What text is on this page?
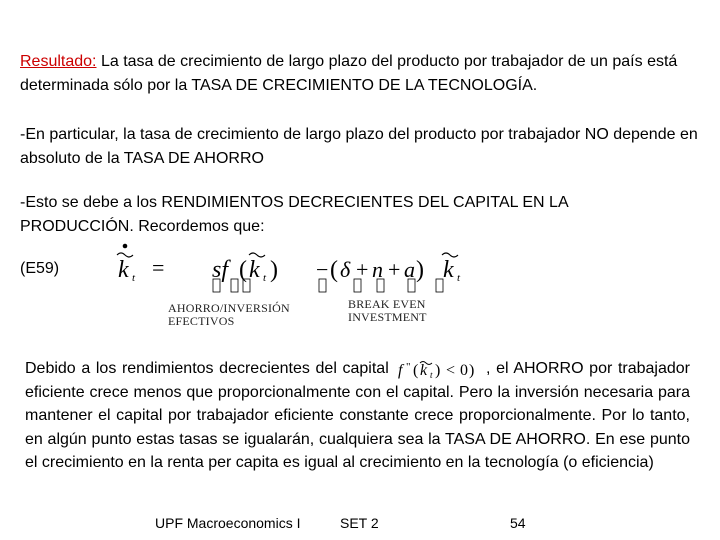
Resultado: La tasa de crecimiento de largo plazo del producto por trabajador de un país está determinada sólo por la TASA DE CRECIMIENTO DE LA TECNOLOGÍA.

-En particular, la tasa de crecimiento de largo plazo del producto por trabajador NO depende en absoluto de la TASA DE AHORRO

-Esto se debe a los RENDIMIENTOS DECRECIENTES DEL CAPITAL EN LA PRODUCCIÓN. Recordemos que:

(E59) k t = sf ( k t ) − ( δ + n + a ) k t
AHORRO/INVERSIÓN
EFECTIVOS
BREAK EVEN
INVESTMENT
Debido a los rendimientos decrecientes del capital f " ( k t ) < 0 ) , el AHORRO por trabajador eficiente crece menos que proporcionalmente con el capital. Pero la inversión necesaria para mantener el capital por trabajador eficiente constante crece proporcionalmente. Por lo tanto, en algún punto estas tasas se igualarán, cualquiera sea la TASA DE AHORRO. En ese punto el crecimiento en la renta per capita es igual al crecimiento en la tecnología (o eficiencia)
UPF Macroeconomics I	SET 2	54
